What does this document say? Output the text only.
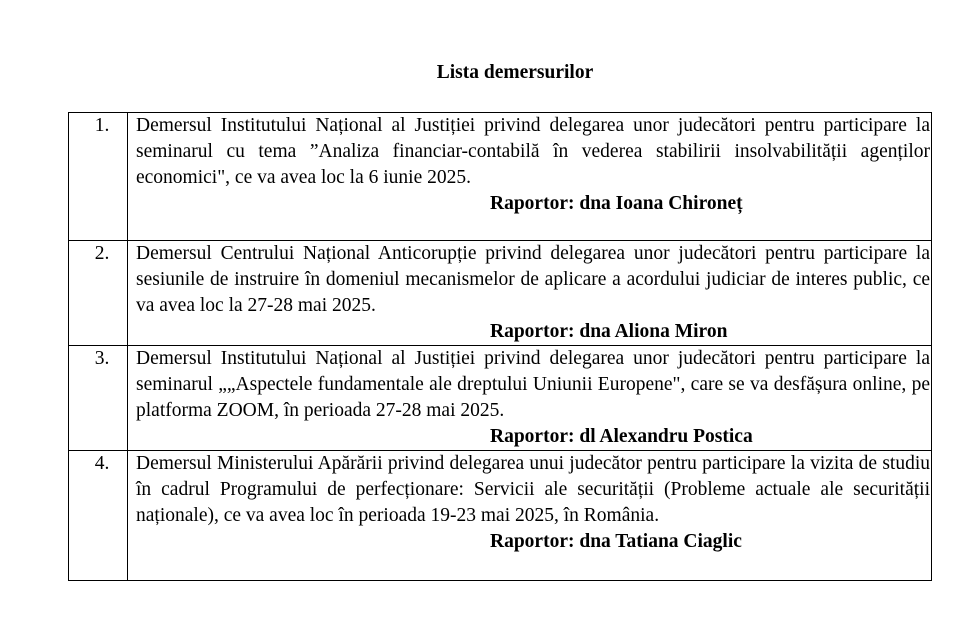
Lista demersurilor
1.	Demersul Institutului Național al Justiției privind delegarea unor judecători pentru participare la seminarul cu tema ”Analiza financiar-contabilă în vederea stabilirii insolvabilității agenților economici", ce va avea loc la 6 iunie 2025.
Raportor: dna Ioana Chironeț

2.	Demersul Centrului Național Anticorupție privind delegarea unor judecători pentru participare la sesiunile de instruire în domeniul mecanismelor de aplicare a acordului judiciar de interes public, ce va avea loc la 27-28 mai 2025.
Raportor: dna Aliona Miron

3.	Demersul Institutului Național al Justiției privind delegarea unor judecători pentru participare la seminarul „„Aspectele fundamentale ale dreptului Uniunii Europene", care se va desfășura online, pe platforma ZOOM, în perioada 27-28 mai 2025.
Raportor: dl Alexandru Postica

4.	Demersul Ministerului Apărării privind delegarea unui judecător pentru participare la vizita de studiu în cadrul Programului de perfecționare: Servicii ale securității (Probleme actuale ale securității naționale), ce va avea loc în perioada 19-23 mai 2025, în România.
Raportor: dna Tatiana Ciaglic
